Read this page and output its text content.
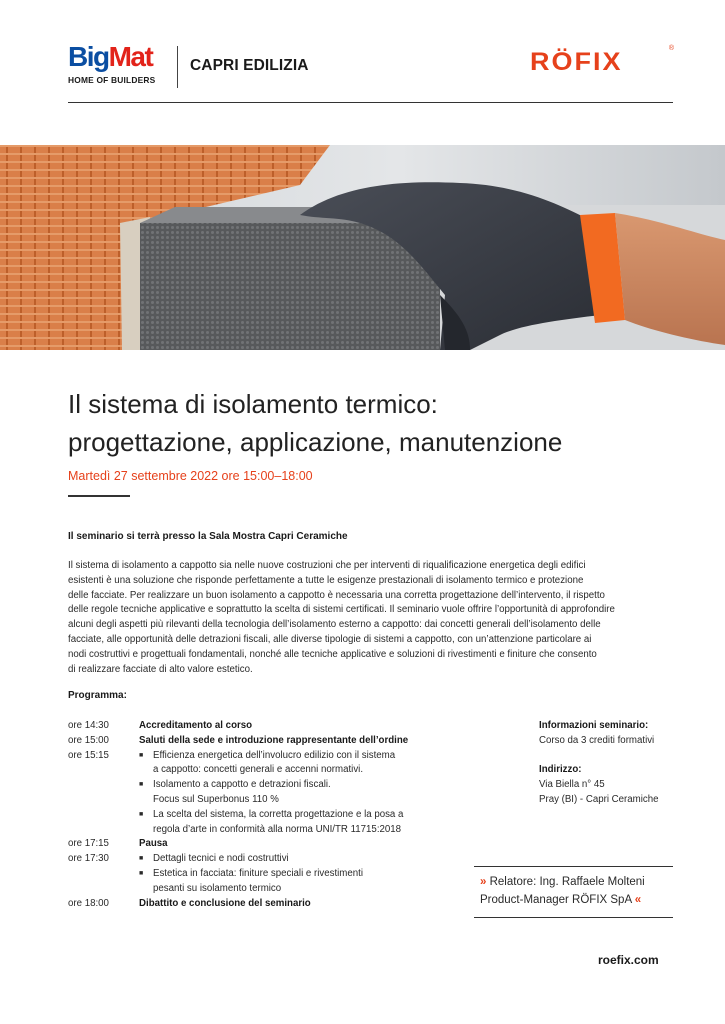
BigMat
HOME OF BUILDERS
CAPRI EDILIZIA	RÖFIX	®
Il sistema di isolamento termico:
progettazione, applicazione, manutenzione
Martedì 27 settembre 2022 ore 15:00–18:00
Il seminario si terrà presso la Sala Mostra Capri Ceramiche
Il sistema di isolamento a cappotto sia nelle nuove costruzioni che per interventi di riqualificazione energetica degli edifici
esistenti è una soluzione che risponde perfettamente a tutte le esigenze prestazionali di isolamento termico e protezione
delle facciate. Per realizzare un buon isolamento a cappotto è necessaria una corretta progettazione dell’intervento, il rispetto
delle regole tecniche applicative e soprattutto la scelta di sistemi certificati. Il seminario vuole offrire l’opportunità di approfondire
alcuni degli aspetti più rilevanti della tecnologia dell’isolamento esterno a cappotto: dai concetti generali dell’isolamento delle
facciate, alle opportunità delle detrazioni fiscali, alle diverse tipologie di sistemi a cappotto, con un’attenzione particolare ai
nodi costruttivi e progettuali fondamentali, nonché alle tecniche applicative e soluzioni di rivestimenti e finiture che consento
di realizzare facciate di alto valore estetico.
Programma:
ore 14:30	Accreditamento al corso
ore 15:00	Saluti della sede e introduzione rappresentante dell’ordine
ore 15:15	■	Efficienza energetica dell’involucro edilizio con il sistema
a cappotto: concetti generali e accenni normativi.
■	Isolamento a cappotto e detrazioni fiscali.
Focus sul Superbonus 110 %
■	La scelta del sistema, la corretta progettazione e la posa a
regola d’arte in conformità alla norma UNI/TR 11715:2018
ore 17:15	Pausa
ore 17:30	■	Dettagli tecnici e nodi costruttivi
■	Estetica in facciata: finiture speciali e rivestimenti
pesanti su isolamento termico
ore 18:00	Dibattito e conclusione del seminario
Informazioni seminario:
Corso da 3 crediti formativi
Indirizzo:
Via Biella n° 45
Pray (BI) - Capri Ceramiche
» Relatore: Ing. Raffaele Molteni
Product-Manager RÖFIX SpA «
roefix.com
